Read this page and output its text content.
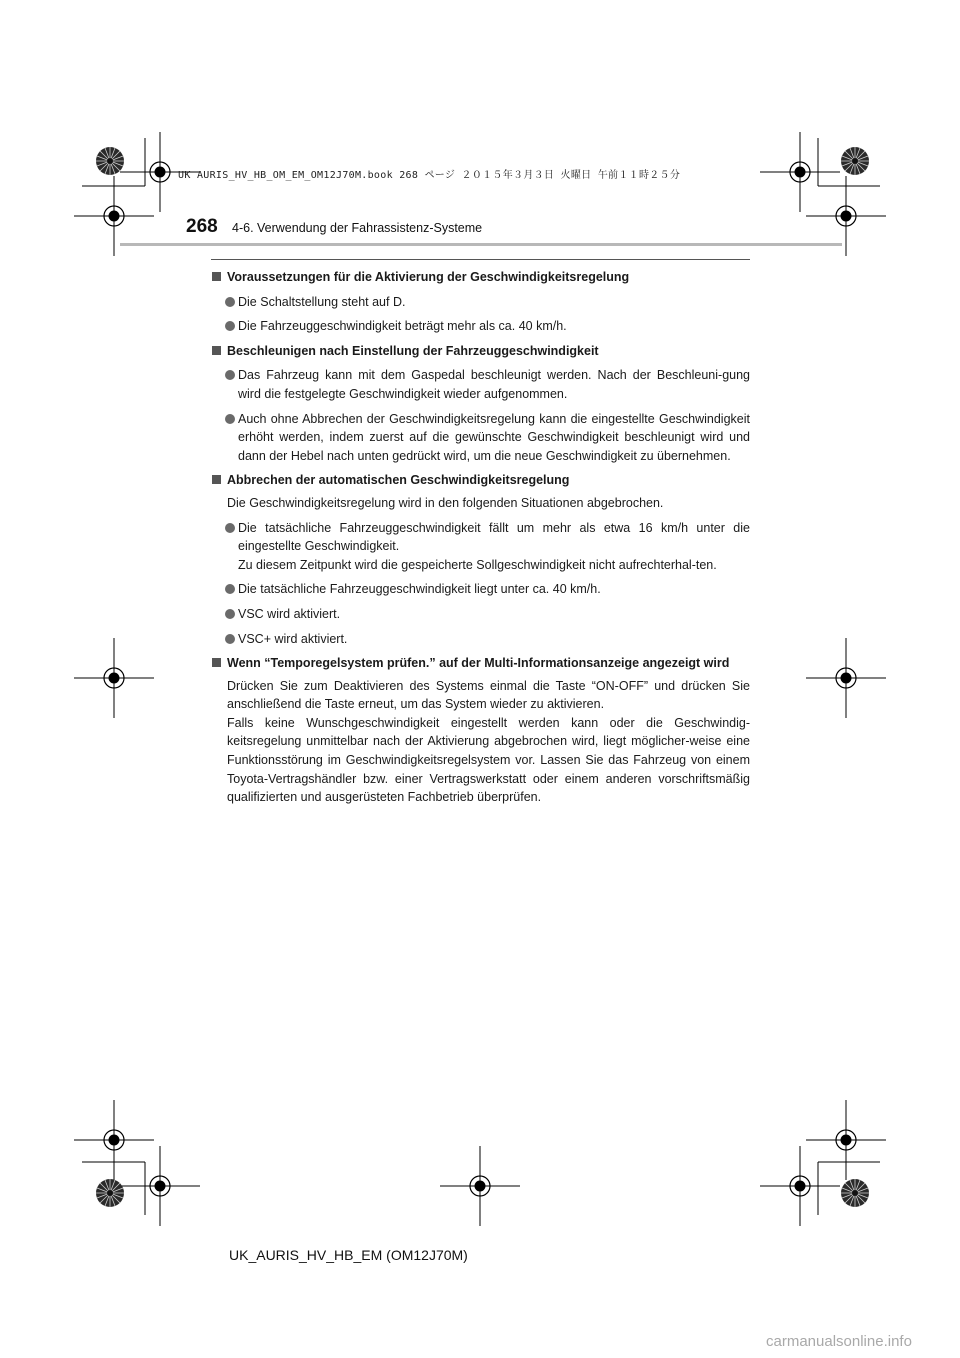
UK AURIS_HV_HB_OM_EM_OM12J70M.book 268 ページ ２０１５年３月３日 火曜日 午前１１時２５分
268 4-6. Verwendung der Fahrassistenz-Systeme
Voraussetzungen für die Aktivierung der Geschwindigkeitsregelung
Die Schaltstellung steht auf D.
Die Fahrzeuggeschwindigkeit beträgt mehr als ca. 40 km/h.
Beschleunigen nach Einstellung der Fahrzeuggeschwindigkeit
Das Fahrzeug kann mit dem Gaspedal beschleunigt werden. Nach der Beschleuni-gung wird die festgelegte Geschwindigkeit wieder aufgenommen.
Auch ohne Abbrechen der Geschwindigkeitsregelung kann die eingestellte Geschwindigkeit erhöht werden, indem zuerst auf die gewünschte Geschwindigkeit beschleunigt wird und dann der Hebel nach unten gedrückt wird, um die neue Geschwindigkeit zu übernehmen.
Abbrechen der automatischen Geschwindigkeitsregelung
Die Geschwindigkeitsregelung wird in den folgenden Situationen abgebrochen.
Die tatsächliche Fahrzeuggeschwindigkeit fällt um mehr als etwa 16 km/h unter die eingestellte Geschwindigkeit.
Zu diesem Zeitpunkt wird die gespeicherte Sollgeschwindigkeit nicht aufrechterhal-ten.
Die tatsächliche Fahrzeuggeschwindigkeit liegt unter ca. 40 km/h.
VSC wird aktiviert.
VSC+ wird aktiviert.
Wenn “Temporegelsystem prüfen.” auf der Multi-Informationsanzeige angezeigt wird
Drücken Sie zum Deaktivieren des Systems einmal die Taste “ON-OFF” und drücken Sie anschließend die Taste erneut, um das System wieder zu aktivieren.
Falls keine Wunschgeschwindigkeit eingestellt werden kann oder die Geschwindig-keitsregelung unmittelbar nach der Aktivierung abgebrochen wird, liegt möglicher-weise eine Funktionsstörung im Geschwindigkeitsregelsystem vor. Lassen Sie das Fahrzeug von einem Toyota-Vertragshändler bzw. einer Vertragswerkstatt oder einem anderen vorschriftsmäßig qualifizierten und ausgerüsteten Fachbetrieb überprüfen.
UK_AURIS_HV_HB_EM (OM12J70M)
carmanualsonline.info
